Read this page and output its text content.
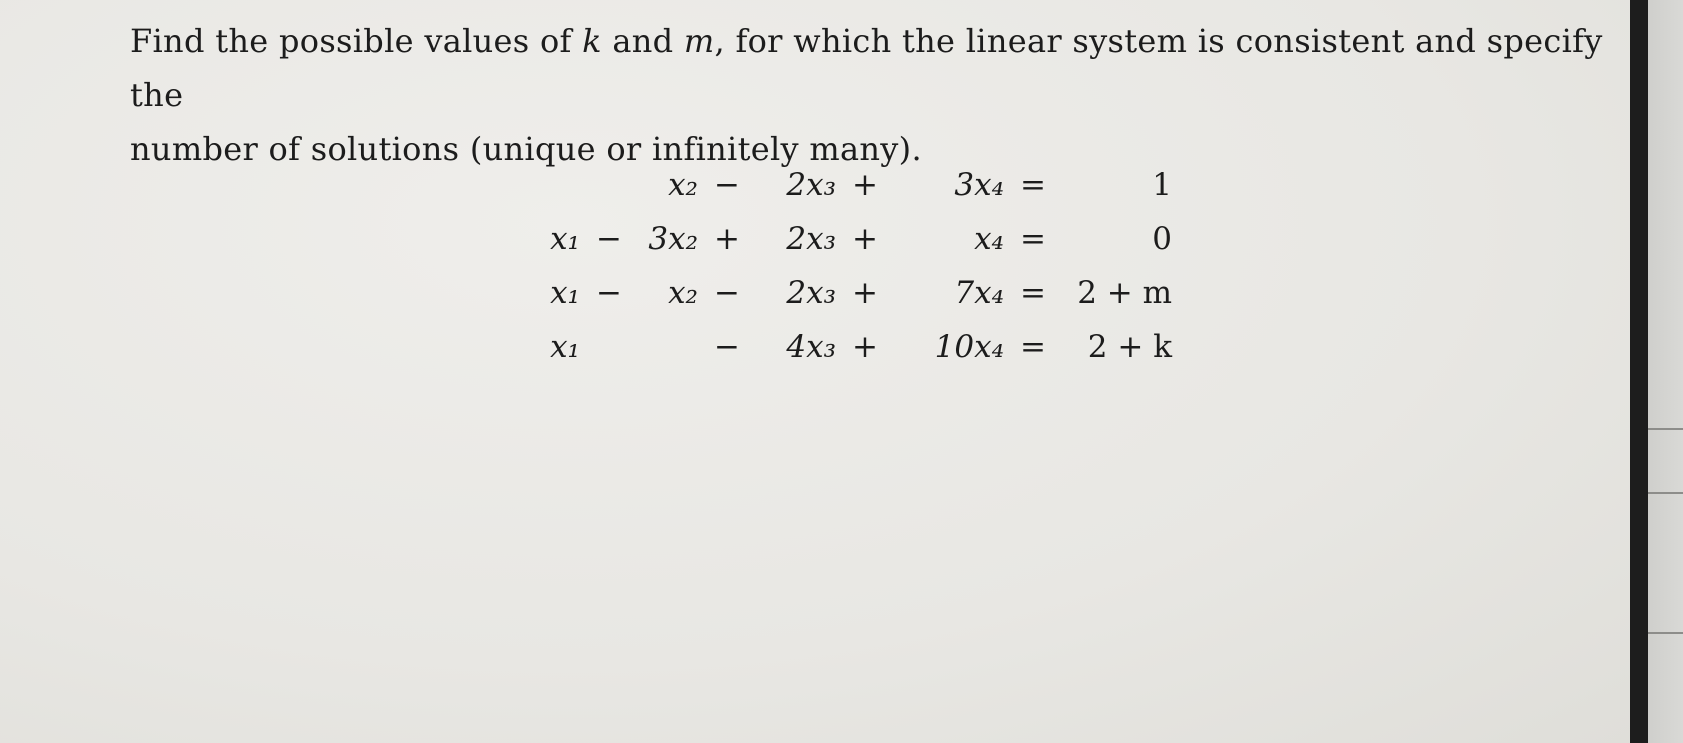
Find the possible values of k and m, for which the linear system is consistent and specify the

number of solutions (unique or infinitely many).

		x₂	−	2x₃	+	3x₄	=	1
x₁	−	3x₂	+	2x₃	+	x₄	=	0
x₁	−	x₂	−	2x₃	+	7x₄	=	2 + m
x₁			−	4x₃	+	10x₄	=	2 + k
